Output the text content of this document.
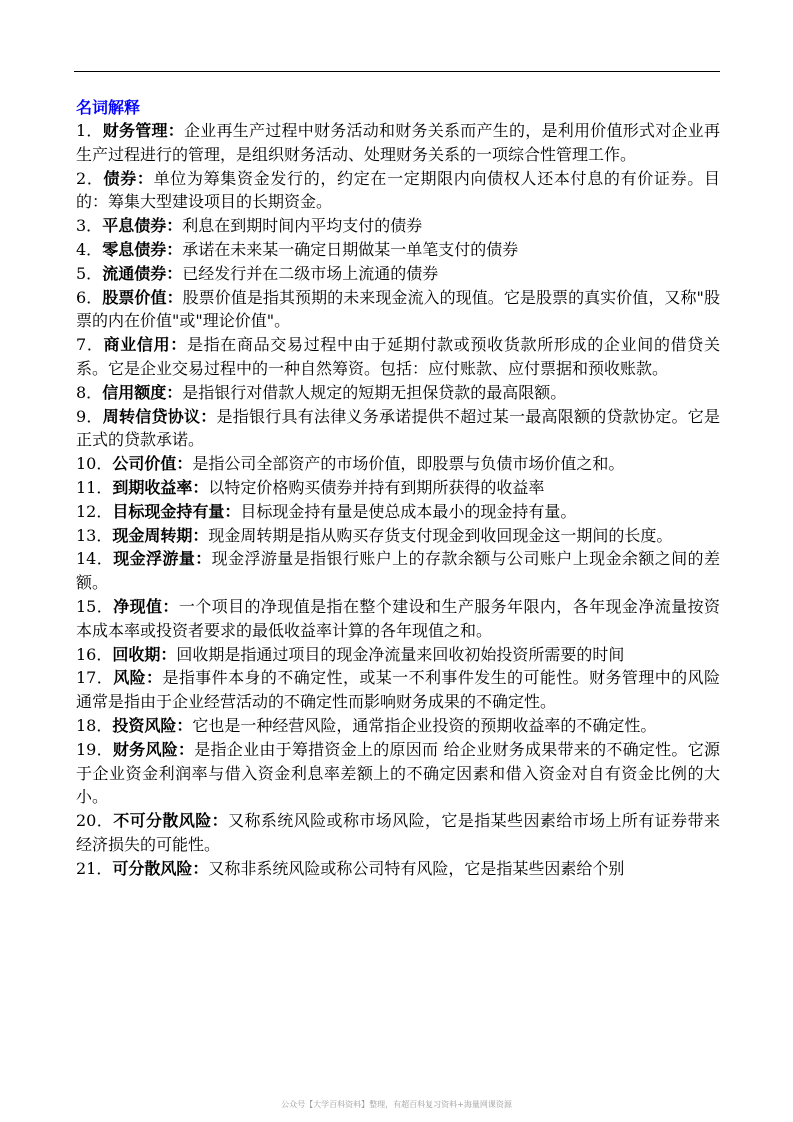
名词解释
1．财务管理：企业再生产过程中财务活动和财务关系而产生的，是利用价值形式对企业再生产过程进行的管理，是组织财务活动、处理财务关系的一项综合性管理工作。
2．债券：单位为筹集资金发行的，约定在一定期限内向债权人还本付息的有价证券。目的：筹集大型建设项目的长期资金。
3．平息债券：利息在到期时间内平均支付的债券
4．零息债券：承诺在未来某一确定日期做某一单笔支付的债券
5．流通债券：已经发行并在二级市场上流通的债券
6．股票价值：股票价值是指其预期的未来现金流入的现值。它是股票的真实价值，又称"股票的内在价值"或"理论价值"。
7．商业信用：是指在商品交易过程中由于延期付款或预收货款所形成的企业间的借贷关系。它是企业交易过程中的一种自然筹资。包括：应付账款、应付票据和预收账款。
8．信用额度：是指银行对借款人规定的短期无担保贷款的最高限额。
9．周转信贷协议：是指银行具有法律义务承诺提供不超过某一最高限额的贷款协定。它是正式的贷款承诺。
10．公司价值：是指公司全部资产的市场价值，即股票与负债市场价值之和。
11．到期收益率：以特定价格购买债券并持有到期所获得的收益率
12．目标现金持有量：目标现金持有量是使总成本最小的现金持有量。
13．现金周转期：现金周转期是指从购买存货支付现金到收回现金这一期间的长度。
14．现金浮游量：现金浮游量是指银行账户上的存款余额与公司账户上现金余额之间的差额。
15．净现值：一个项目的净现值是指在整个建设和生产服务年限内，各年现金净流量按资本成本率或投资者要求的最低收益率计算的各年现值之和。
16．回收期：回收期是指通过项目的现金净流量来回收初始投资所需要的时间
17．风险：是指事件本身的不确定性，或某一不利事件发生的可能性。财务管理中的风险通常是指由于企业经营活动的不确定性而影响财务成果的不确定性。
18．投资风险：它也是一种经营风险，通常指企业投资的预期收益率的不确定性。
19．财务风险：是指企业由于筹措资金上的原因而 给企业财务成果带来的不确定性。它源于企业资金利润率与借入资金利息率差额上的不确定因素和借入资金对自有资金比例的大小。
20．不可分散风险：又称系统风险或称市场风险，它是指某些因素给市场上所有证券带来经济损失的可能性。
21．可分散风险：又称非系统风险或称公司特有风险，它是指某些因素给个别
公众号【大学百科资料】整理，有超百科复习资料+海量网课资源
